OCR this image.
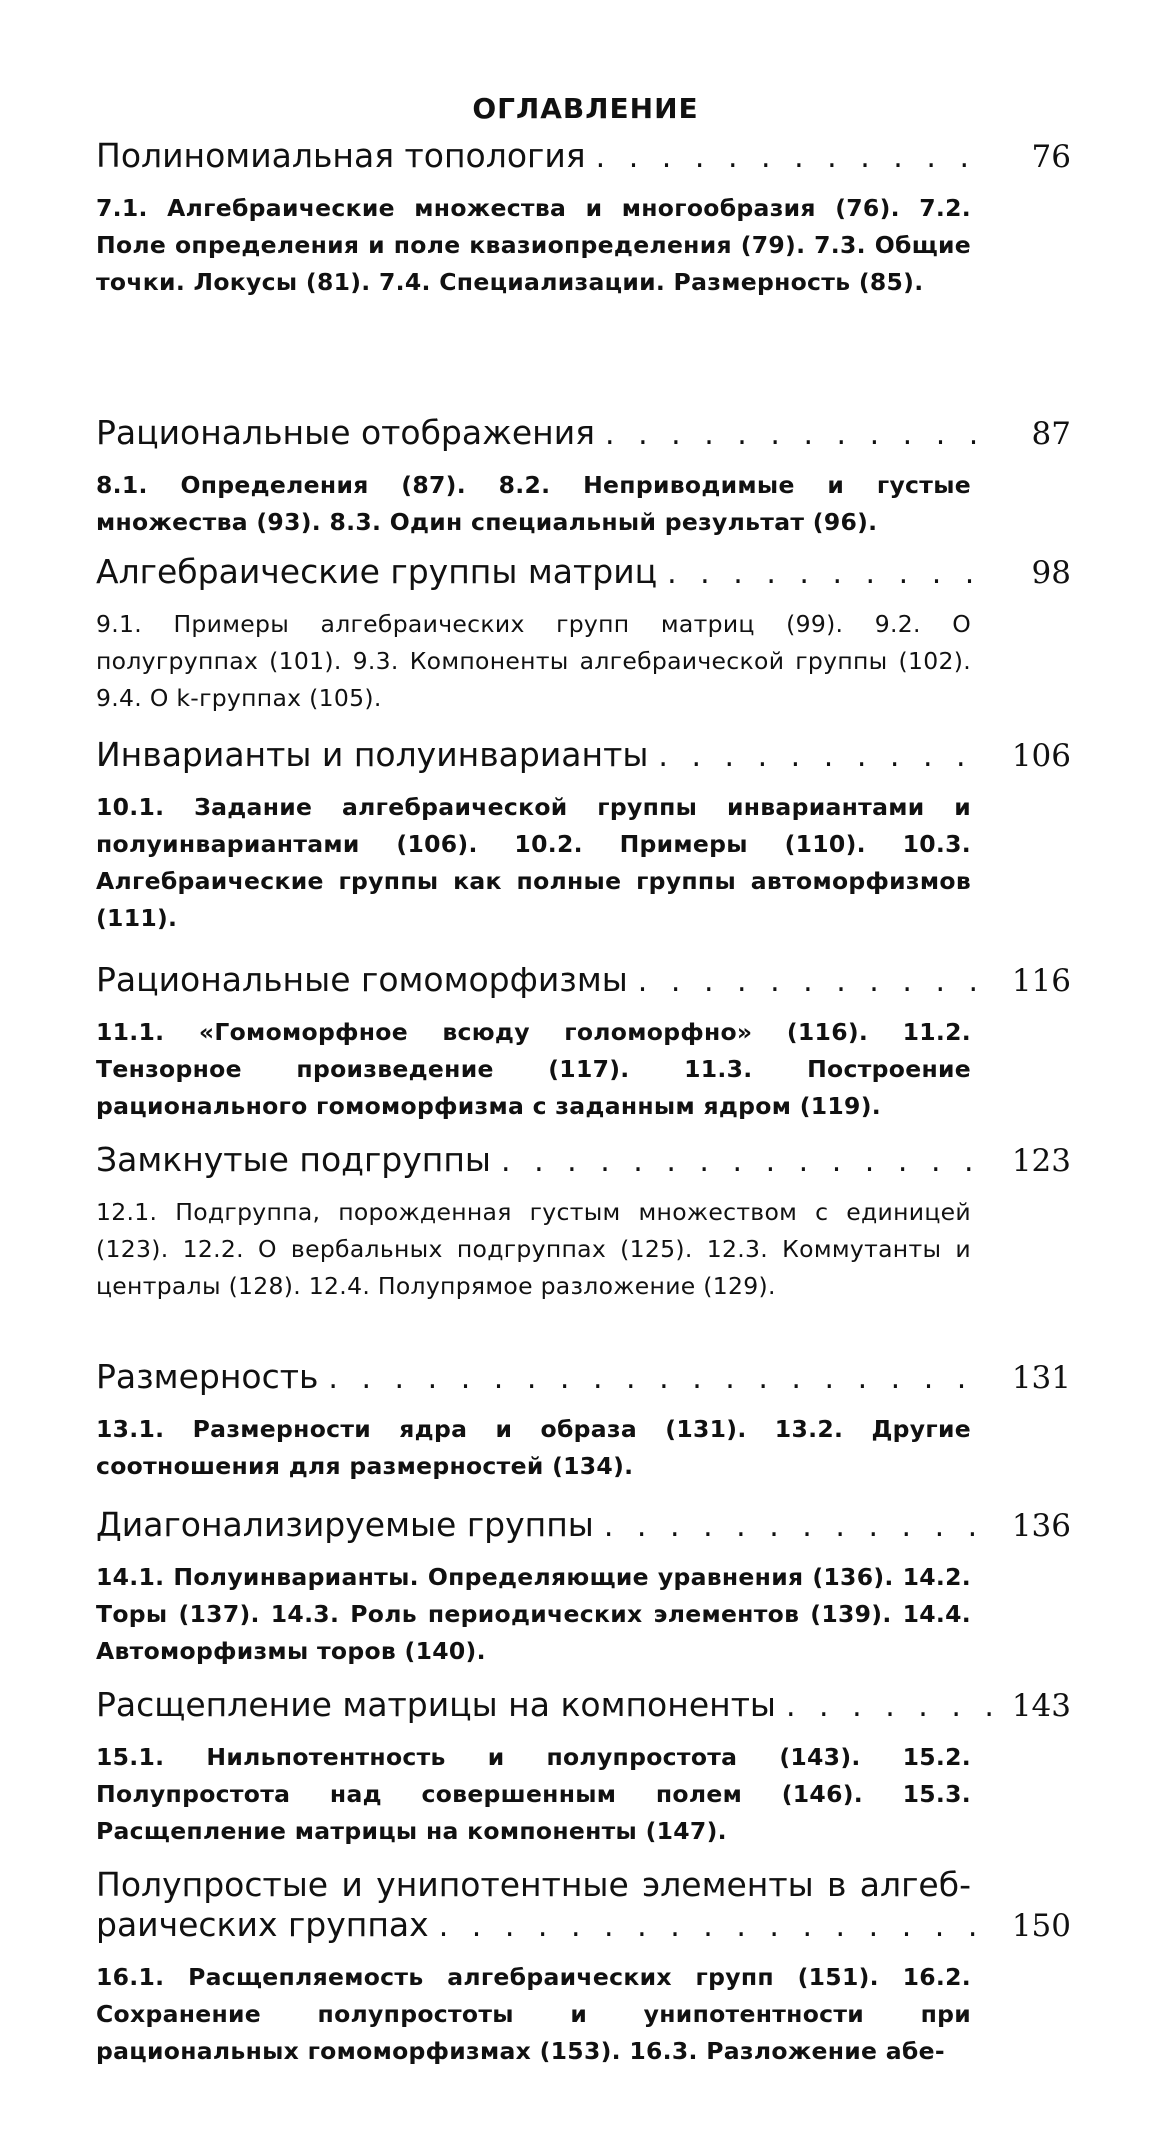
ОГЛАВЛЕНИЕ
Полиномиальная топология . . .	76
7.1. Алгебраические множества и многообразия (76). 7.2. Поле определения и поле квазиопределения (79). 7.3. Общие точки. Локусы (81). 7.4. Специализации. Размерность (85).
Рациональные отображения . . .	87
8.1. Определения (87). 8.2. Неприводимые и густые множества (93). 8.3. Один специальный результат (96).
Алгебраические группы матриц . . .	98
9.1. Примеры алгебраических групп матриц (99). 9.2. О полугруппах (101). 9.3. Компоненты алгебраической группы (102). 9.4. О k-группах (105).
Инварианты и полуинварианты . . .	106
10.1. Задание алгебраической группы инвариантами и полуинвариантами (106). 10.2. Примеры (110). 10.3. Алгебраические группы как полные группы автоморфизмов (111).
Рациональные гомоморфизмы . . .	116
11.1. «Гомоморфное всюду голоморфно» (116). 11.2. Тензорное произведение (117). 11.3. Построение рационального гомоморфизма с заданным ядром (119).
Замкнутые подгруппы . . .	123
12.1. Подгруппа, порожденная густым множеством с единицей (123). 12.2. О вербальных подгруппах (125). 12.3. Коммутанты и централы (128). 12.4. Полупрямое разложение (129).
Размерность . . .	131
13.1. Размерности ядра и образа (131). 13.2. Другие соотношения для размерностей (134).
Диагонализируемые группы . . .	136
14.1. Полуинварианты. Определяющие уравнения (136). 14.2. Торы (137). 14.3. Роль периодических элементов (139). 14.4. Автоморфизмы торов (140).
Расщепление матрицы на компоненты . . .	143
15.1. Нильпотентность и полупростота (143). 15.2. Полупростота над совершенным полем (146). 15.3. Расщепление матрицы на компоненты (147).
Полупростые и унипотентные элементы в алгеб-
раических группах . . .	150
16.1. Расщепляемость алгебраических групп (151). 16.2. Сохранение полупростоты и унипотентности при рациональных гомоморфизмах (153). 16.3. Разложение абе-
